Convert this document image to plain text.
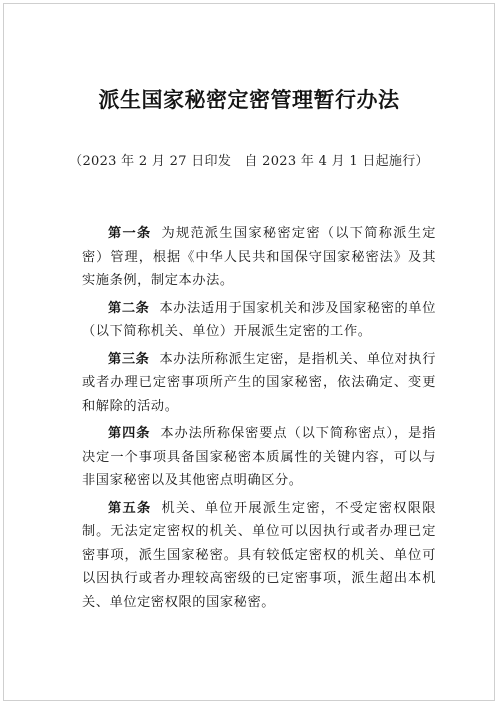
派生国家秘密定密管理暂行办法
（2023 年 2 月 27 日印发　自 2023 年 4 月 1 日起施行）

第一条 为规范派生国家秘密定密（以下简称派生定密）管理，根据《中华人民共和国保守国家秘密法》及其实施条例，制定本办法。

第二条 本办法适用于国家机关和涉及国家秘密的单位（以下简称机关、单位）开展派生定密的工作。

第三条 本办法所称派生定密，是指机关、单位对执行或者办理已定密事项所产生的国家秘密，依法确定、变更和解除的活动。

第四条 本办法所称保密要点（以下简称密点），是指决定一个事项具备国家秘密本质属性的关键内容，可以与非国家秘密以及其他密点明确区分。

第五条 机关、单位开展派生定密，不受定密权限限制。无法定定密权的机关、单位可以因执行或者办理已定密事项，派生国家秘密。具有较低定密权的机关、单位可以因执行或者办理较高密级的已定密事项，派生超出本机关、单位定密权限的国家秘密。
